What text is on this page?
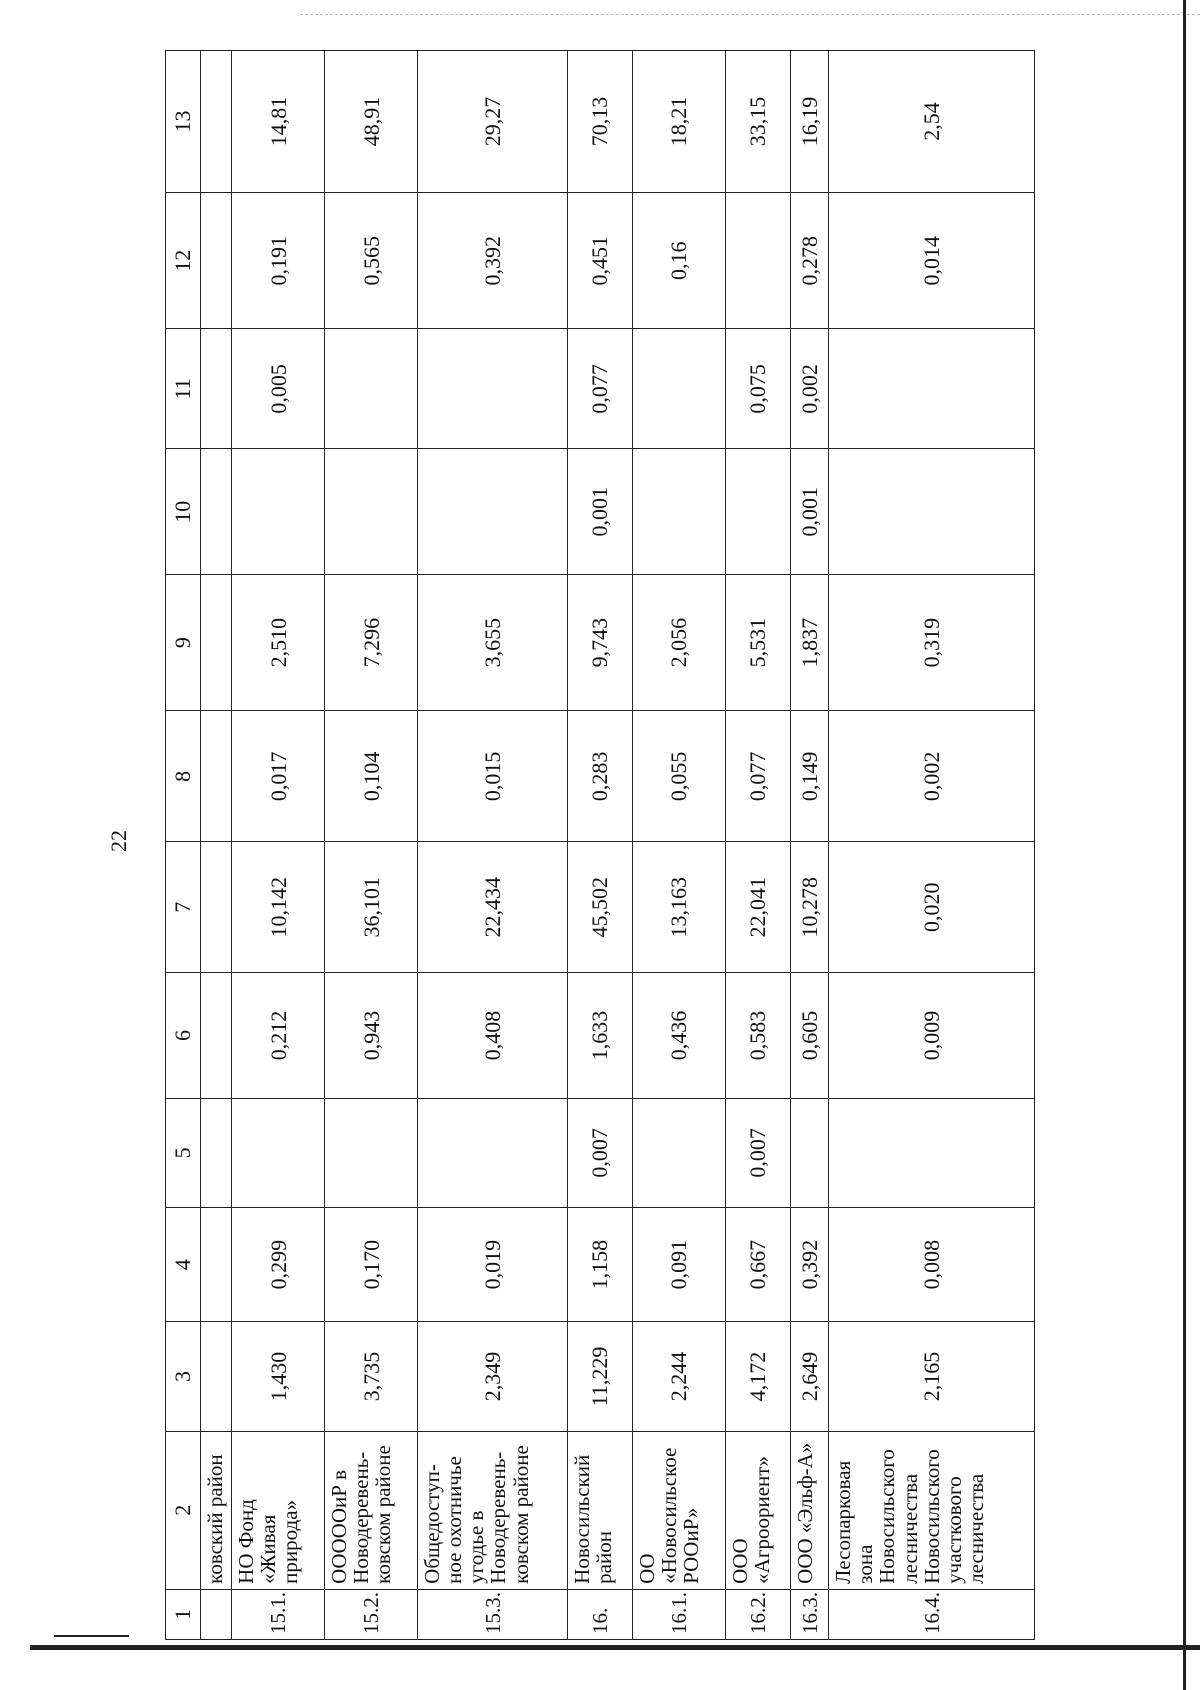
22
1	2	3	4	5	6	7	8	9	10	11	12	13
	ковский район											
15.1.	НО Фонд «Живая природа»	1,430	0,299		0,212	10,142	0,017	2,510		0,005	0,191	14,81
15.2.	ОООООиР в Новодеревень-ковском районе	3,735	0,170		0,943	36,101	0,104	7,296			0,565	48,91
15.3.	Общедоступ-ное охотничье угодье в Новодеревень-ковском районе	2,349	0,019		0,408	22,434	0,015	3,655			0,392	29,27
16.	Новосильский район	11,229	1,158	0,007	1,633	45,502	0,283	9,743	0,001	0,077	0,451	70,13
16.1.	ОО «Новосильское РООиР»	2,244	0,091		0,436	13,163	0,055	2,056			0,16	18,21
16.2.	ООО «Агроориент»	4,172	0,667	0,007	0,583	22,041	0,077	5,531		0,075		33,15
16.3.	ООО «Эльф-А»	2,649	0,392		0,605	10,278	0,149	1,837	0,001	0,002	0,278	16,19
16.4.	Лесопарковая зона Новосильского лесничества Новосильского участкового лесничества	2,165	0,008		0,009	0,020	0,002	0,319			0,014	2,54
